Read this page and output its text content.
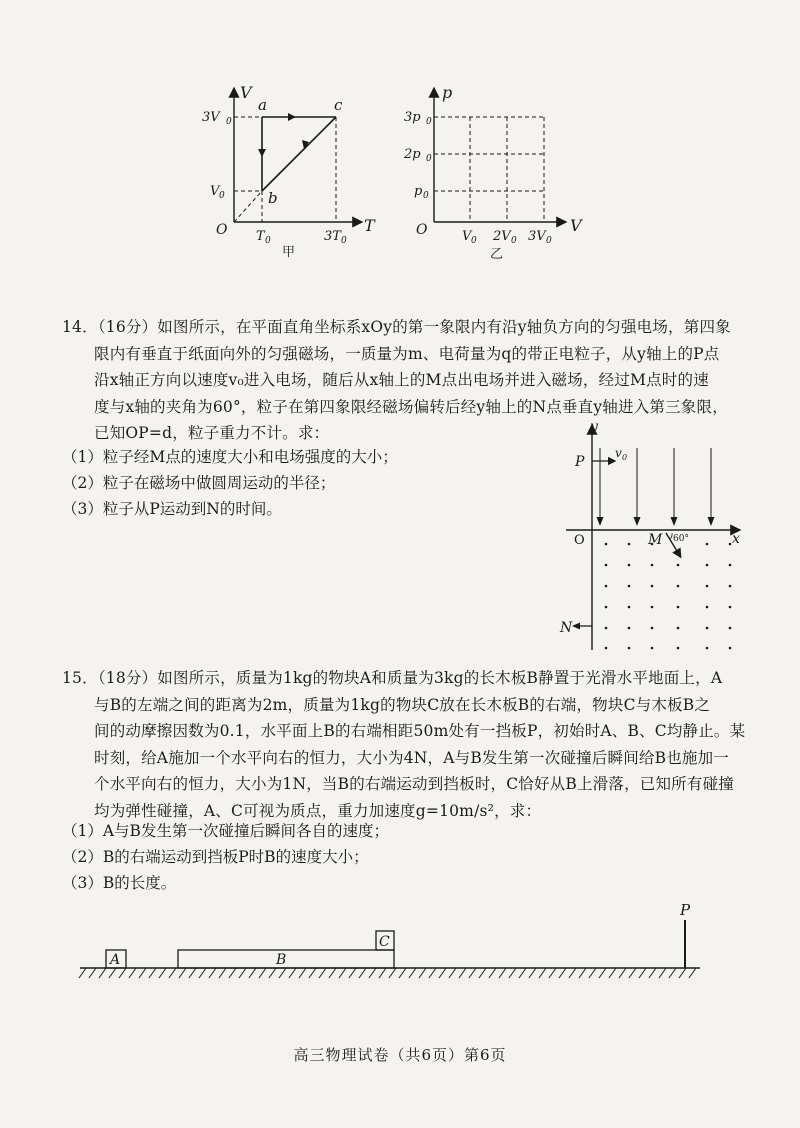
V
T
O
3V 0
V 0
T 0	3T 0
a
b
c
甲
p
V
O
3p 0
2p 0
p 0
V 0 2V 0 3V 0
乙

14．（16分）如图所示，在平面直角坐标系xOy的第一象限内有沿y轴负方向的匀强电场，第四象

限内有垂直于纸面向外的匀强磁场，一质量为m、电荷量为q的带正电粒子，从y轴上的P点

沿x轴正方向以速度v₀进入电场，随后从x轴上的M点出电场并进入磁场，经过M点时的速

度与x轴的夹角为60°，粒子在第四象限经磁场偏转后经y轴上的N点垂直y轴进入第三象限，

已知OP=d，粒子重力不计。求：

（1）粒子经M点的速度大小和电场强度的大小；
（2）粒子在磁场中做圆周运动的半径；
（3）粒子从P运动到N的时间。
y
x
O
P
v 0
M 60°
N

15．（18分）如图所示，质量为1kg的物块A和质量为3kg的长木板B静置于光滑水平地面上，A

与B的左端之间的距离为2m，质量为1kg的物块C放在长木板B的右端，物块C与木板B之

间的动摩擦因数为0.1，水平面上B的右端相距50m处有一挡板P，初始时A、B、C均静止。某

时刻，给A施加一个水平向右的恒力，大小为4N，A与B发生第一次碰撞后瞬间给B也施加一

个水平向右的恒力，大小为1N，当B的右端运动到挡板时，C恰好从B上滑落，已知所有碰撞

均为弹性碰撞，A、C可视为质点，重力加速度g=10m/s²，求：

（1）A与B发生第一次碰撞后瞬间各自的速度；
（2）B的右端运动到挡板P时B的速度大小；
（3）B的长度。
A	B
C
P
高三物理试卷（共6页）第6页
